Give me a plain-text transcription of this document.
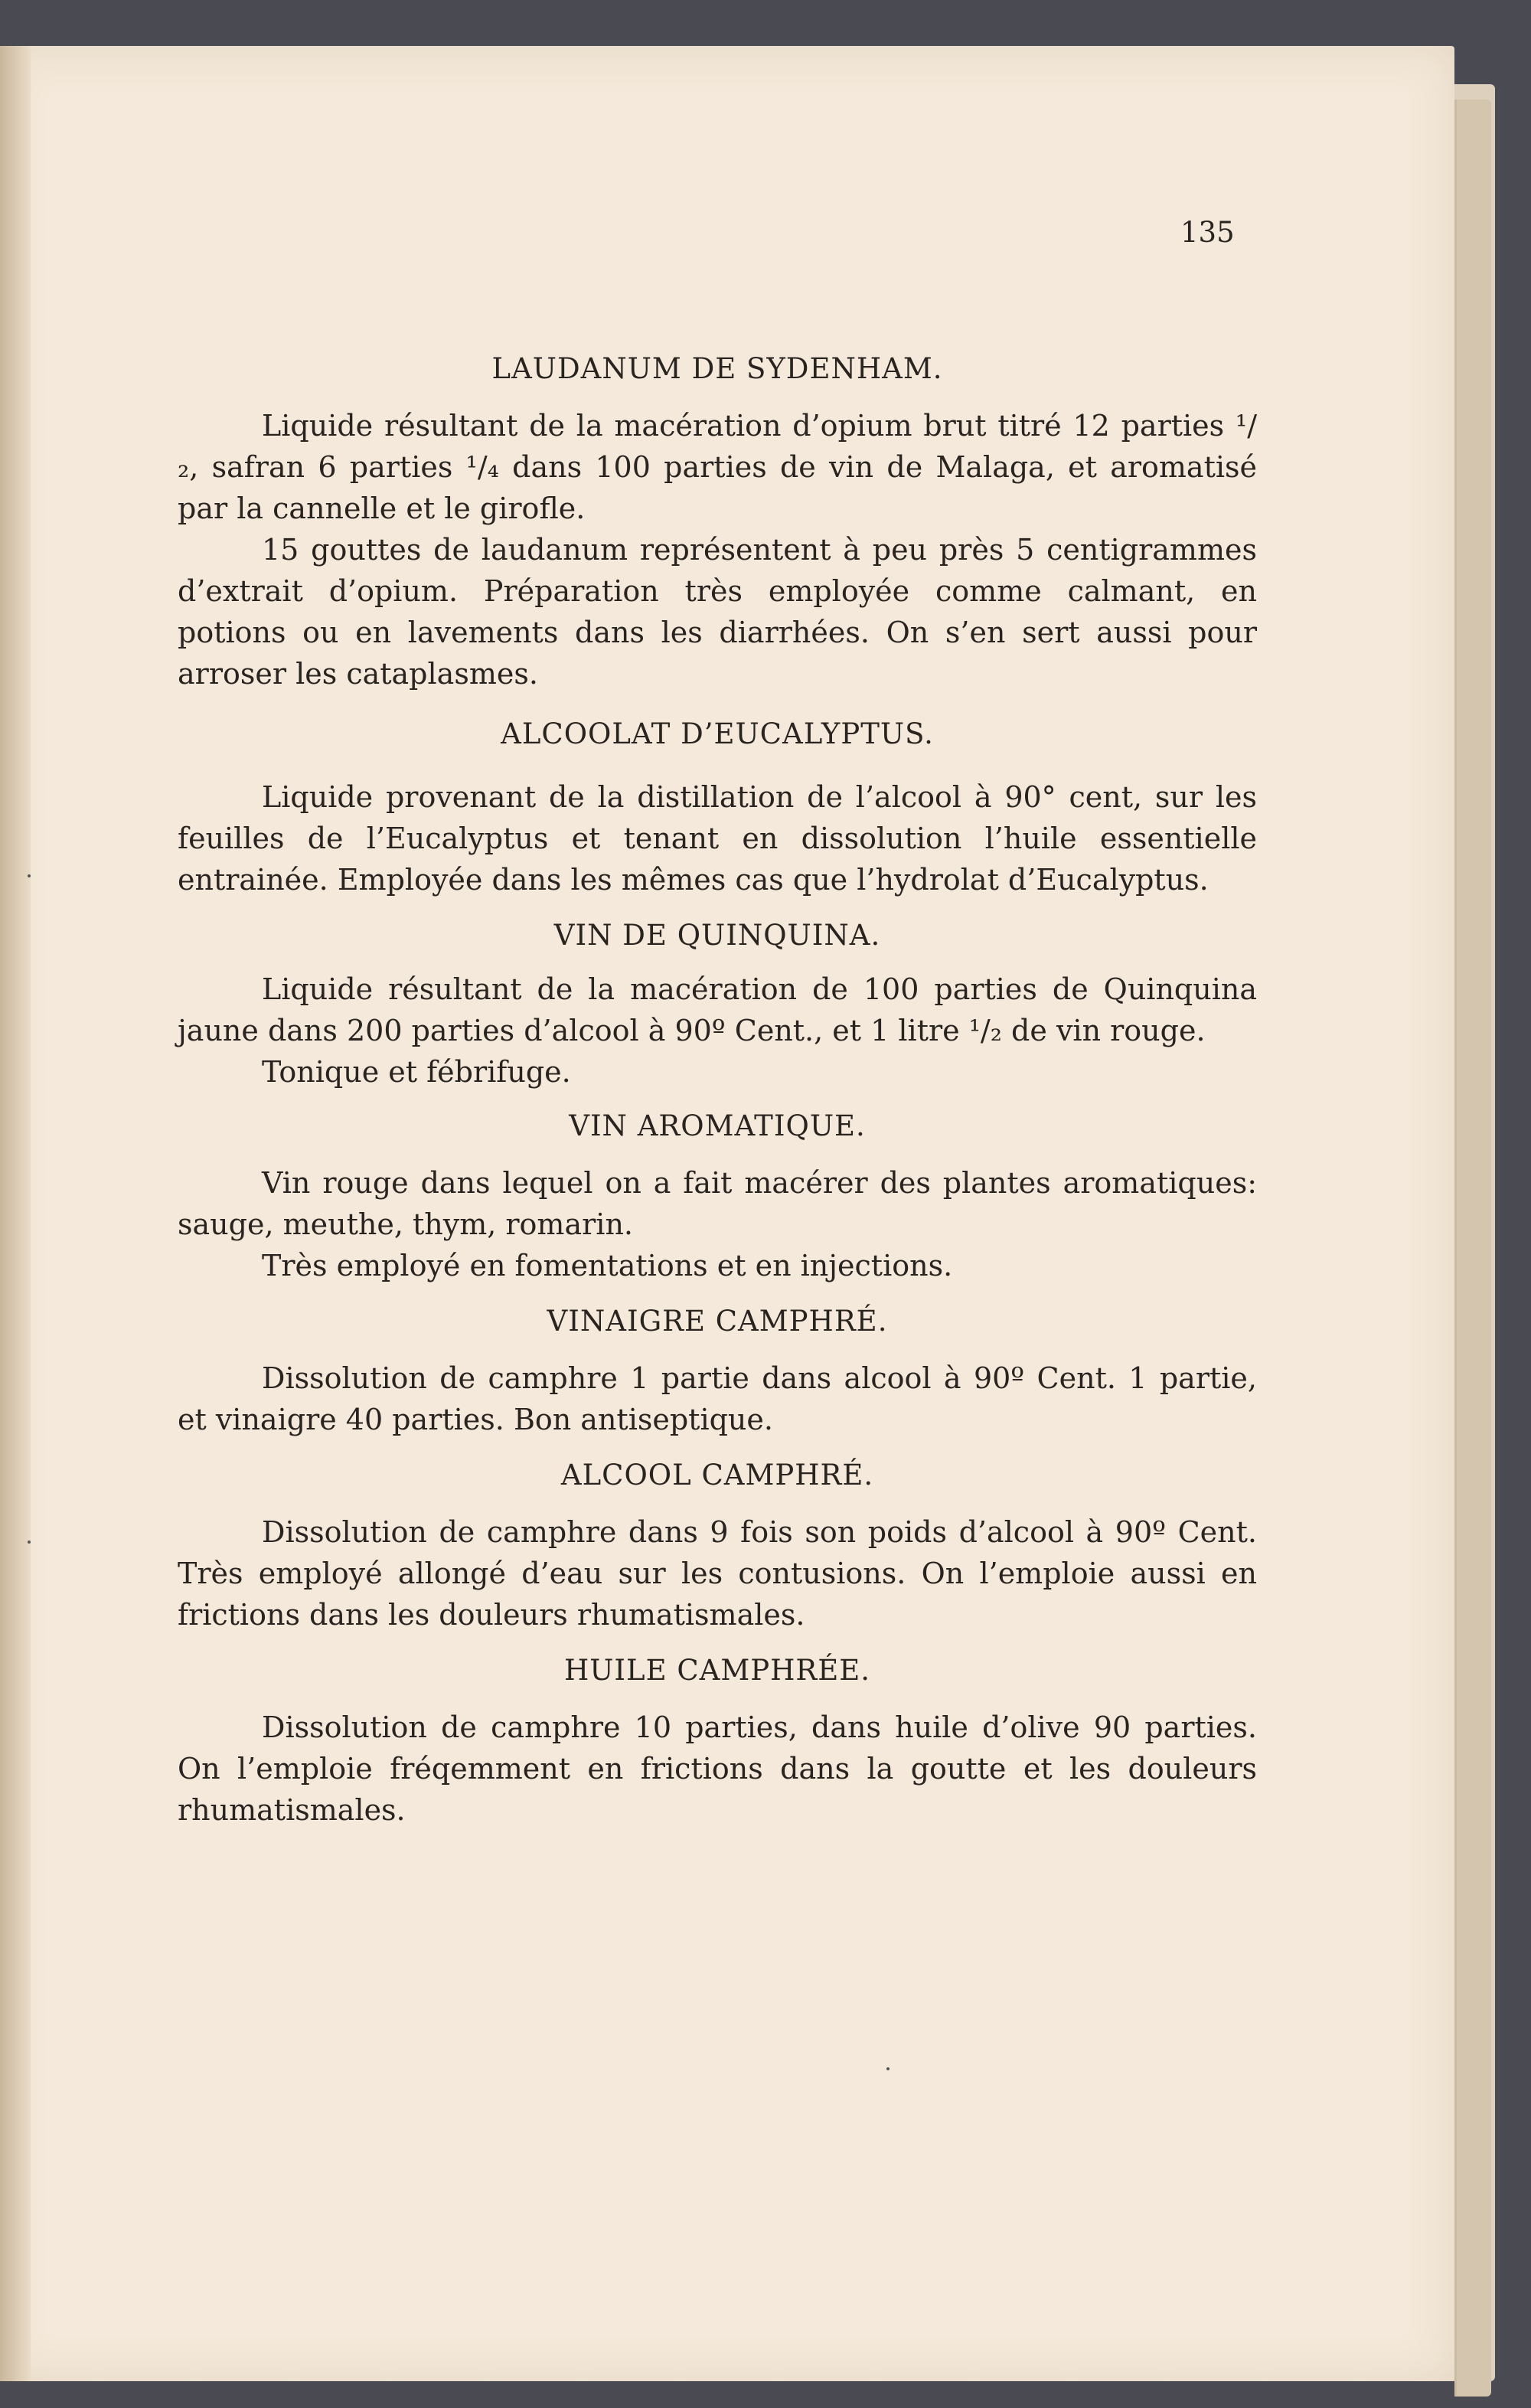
135
LAUDANUM DE SYDENHAM.

Liquide résultant de la macération d’opium brut titré 12 parties ¹/₂, safran 6 parties ¹/₄ dans 100 parties de vin de Malaga, et aromatisé par la cannelle et le girofle.

15 gouttes de laudanum représentent à peu près 5 centigrammes d’extrait d’opium. Préparation très employée comme calmant, en potions ou en lavements dans les diarrhées. On s’en sert aussi pour arroser les cataplasmes.

ALCOOLAT D’EUCALYPTUS.

Liquide provenant de la distillation de l’alcool à 90° cent, sur les feuilles de l’Eucalyptus et tenant en dissolution l’huile essentielle entrainée. Employée dans les mêmes cas que l’hydrolat d’Eucalyptus.

VIN DE QUINQUINA.

Liquide résultant de la macération de 100 parties de Quinquina jaune dans 200 parties d’alcool à 90º Cent., et 1 litre ¹/₂ de vin rouge.

Tonique et fébrifuge.

VIN AROMATIQUE.

Vin rouge dans lequel on a fait macérer des plantes aromatiques: sauge, meuthe, thym, romarin.

Très employé en fomentations et en injections.

VINAIGRE CAMPHRÉ.

Dissolution de camphre 1 partie dans alcool à 90º Cent. 1 partie, et vinaigre 40 parties. Bon antiseptique.

ALCOOL CAMPHRÉ.

Dissolution de camphre dans 9 fois son poids d’alcool à 90º Cent. Très employé allongé d’eau sur les contusions. On l’emploie aussi en frictions dans les douleurs rhumatismales.

HUILE CAMPHRÉE.

Dissolution de camphre 10 parties, dans huile d’olive 90 parties. On l’emploie fréqemment en frictions dans la goutte et les douleurs rhumatismales.
